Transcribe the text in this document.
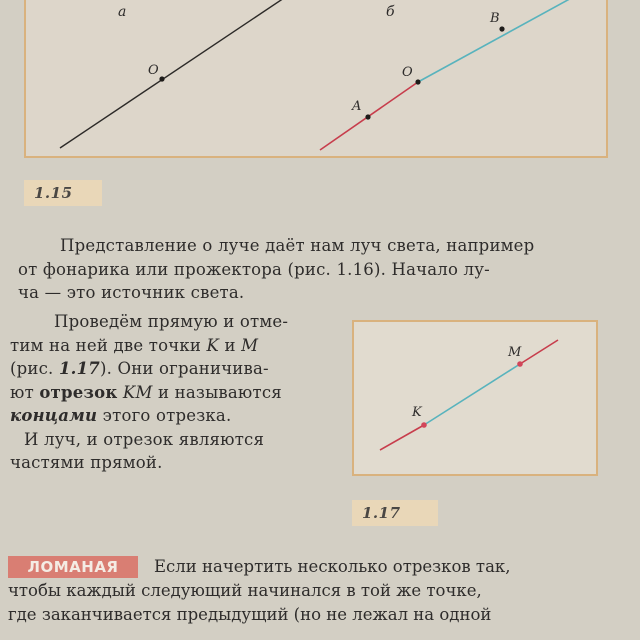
O
a
A
O
B
б
1.15
Представление о луче даёт нам луч света, например
от фонарика или прожектора (рис. 1.16). Начало лу-
ча — это источник света.
Проведём прямую и отме-
тим на ней две точки K и M
(рис. 1.17). Они ограничива-
ют отрезок KM и называются
концами этого отрезка.
И луч, и отрезок являются
частями прямой.
K
M
1.17
Если начертить несколько отрезков так,
чтобы каждый следующий начинался в той же точке,
где заканчивается предыдущий (но не лежал на одной
ЛОМАНАЯ
